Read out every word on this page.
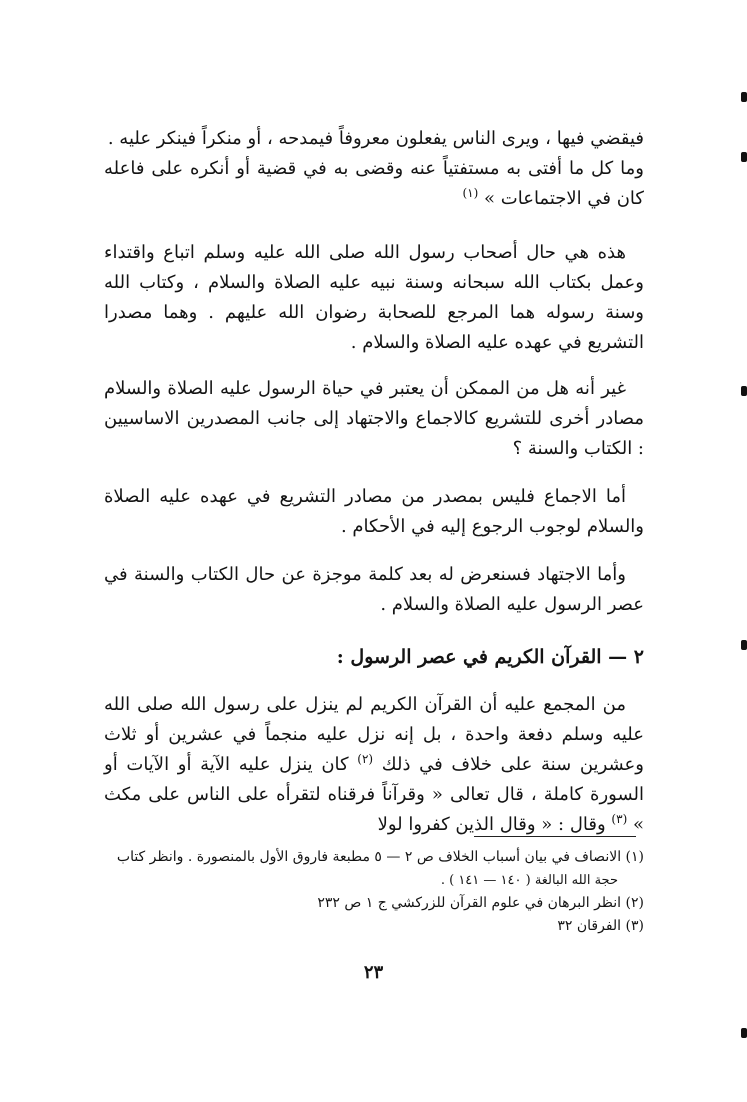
فيقضي فيها ، ويرى الناس يفعلون معروفاً فيمدحه ، أو منكراً فينكر عليه .

وما كل ما أفتى به مستفتياً عنه وقضى به في قضية أو أنكره على فاعله كان في الاجتماعات » $^{(١)}$

هذه هي حال أصحاب رسول الله صلى الله عليه وسلم اتباع واقتداء وعمل بكتاب الله سبحانه وسنة نبيه عليه الصلاة والسلام ، وكتاب الله وسنة رسوله هما المرجع للصحابة رضوان الله عليهم . وهما مصدرا التشريع في عهده عليه الصلاة والسلام .
غير أنه هل من الممكن أن يعتبر في حياة الرسول عليه الصلاة والسلام مصادر أخرى للتشريع كالاجماع والاجتهاد إلى جانب المصدرين الاساسيين : الكتاب والسنة ؟
أما الاجماع فليس بمصدر من مصادر التشريع في عهده عليه الصلاة والسلام لوجوب الرجوع إليه في الأحكام .
وأما الاجتهاد فسنعرض له بعد كلمة موجزة عن حال الكتاب والسنة في عصر الرسول عليه الصلاة والسلام .
٢ — القرآن الكريم في عصر الرسول :
من المجمع عليه أن القرآن الكريم لم ينزل على رسول الله صلى الله عليه وسلم دفعة واحدة ، بل إنه نزل عليه منجماً في عشرين أو ثلاث وعشرين سنة على خلاف في ذلك $^{(٢)}$ كان ينزل عليه الآية أو الآيات أو السورة كاملة ، قال تعالى « وقرآناً فرقناه لتقرأه على الناس على مكث » $^{(٣)}$ وقال : « وقال الذين كفروا لولا

(١) الانصاف في بيان أسباب الخلاف ص ٢ — ٥ مطبعة فاروق الأول بالمنصورة . وانظر كتاب

حجة الله البالغة ( ١٤٠ — ١٤١ ) .

(٢) انظر البرهان في علوم القرآن للزركشي ج ١ ص ٢٣٢

(٣) الفرقان ٣٢

٢٣
